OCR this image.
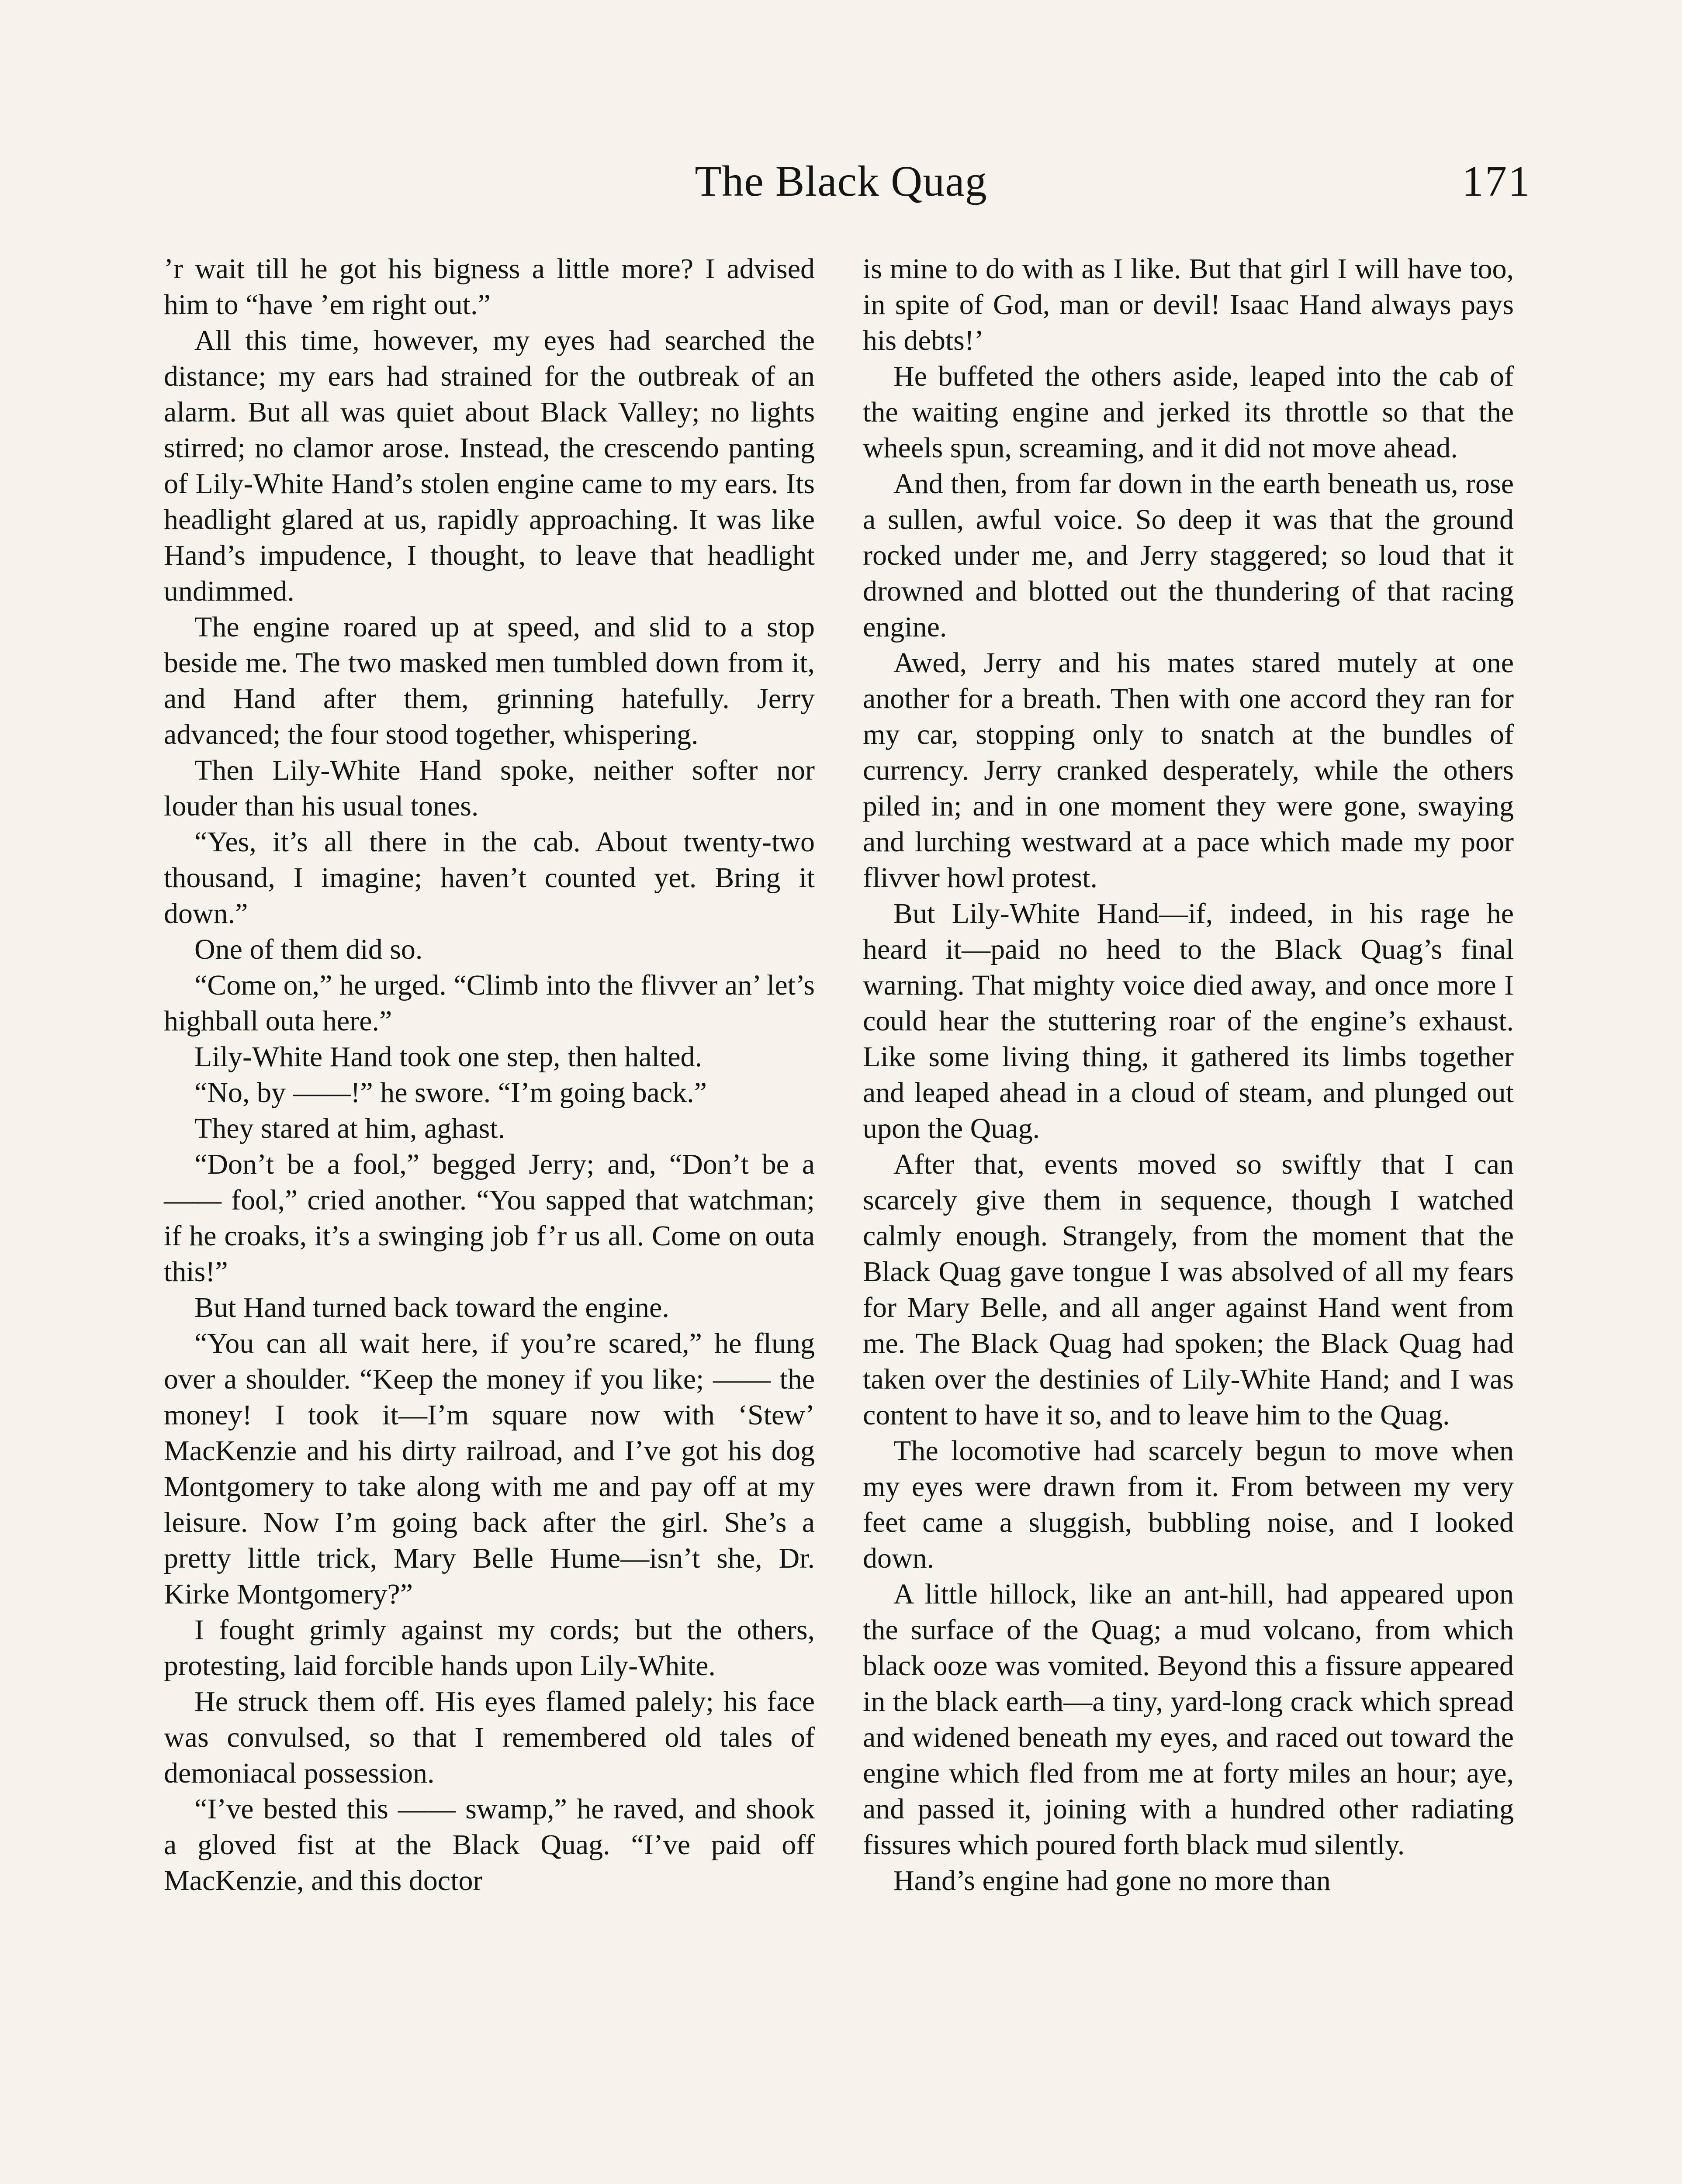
The Black Quag	171

’r wait till he got his bigness a little more? I advised him to “have ’em right out.”

All this time, however, my eyes had searched the distance; my ears had strained for the outbreak of an alarm. But all was quiet about Black Valley; no lights stirred; no clamor arose. Instead, the crescendo panting of Lily-White Hand’s stolen engine came to my ears. Its headlight glared at us, rapidly approaching. It was like Hand’s impudence, I thought, to leave that headlight undimmed.

The engine roared up at speed, and slid to a stop beside me. The two masked men tumbled down from it, and Hand after them, grinning hatefully. Jerry advanced; the four stood together, whispering.

Then Lily-White Hand spoke, neither softer nor louder than his usual tones.

“Yes, it’s all there in the cab. About twenty-two thousand, I imagine; haven’t counted yet. Bring it down.”

One of them did so.

“Come on,” he urged. “Climb into the flivver an’ let’s highball outa here.”

Lily-White Hand took one step, then halted.

“No, by ——!” he swore. “I’m going back.”

They stared at him, aghast.

“Don’t be a fool,” begged Jerry; and, “Don’t be a —— fool,” cried another. “You sapped that watchman; if he croaks, it’s a swinging job f’r us all. Come on outa this!”

But Hand turned back toward the engine.

“You can all wait here, if you’re scared,” he flung over a shoulder. “Keep the money if you like; —— the money! I took it—I’m square now with ‘Stew’ MacKenzie and his dirty railroad, and I’ve got his dog Montgomery to take along with me and pay off at my leisure. Now I’m going back after the girl. She’s a pretty little trick, Mary Belle Hume—isn’t she, Dr. Kirke Montgomery?”

I fought grimly against my cords; but the others, protesting, laid forcible hands upon Lily-White.

He struck them off. His eyes flamed palely; his face was convulsed, so that I remembered old tales of demoniacal possession.

“I’ve bested this —— swamp,” he raved, and shook a gloved fist at the Black Quag. “I’ve paid off MacKenzie, and this doctor

is mine to do with as I like. But that girl I will have too, in spite of God, man or devil! Isaac Hand always pays his debts!’

He buffeted the others aside, leaped into the cab of the waiting engine and jerked its throttle so that the wheels spun, screaming, and it did not move ahead.

And then, from far down in the earth beneath us, rose a sullen, awful voice. So deep it was that the ground rocked under me, and Jerry staggered; so loud that it drowned and blotted out the thundering of that racing engine.

Awed, Jerry and his mates stared mutely at one another for a breath. Then with one accord they ran for my car, stopping only to snatch at the bundles of currency. Jerry cranked desperately, while the others piled in; and in one moment they were gone, swaying and lurching westward at a pace which made my poor flivver howl protest.

But Lily-White Hand—if, indeed, in his rage he heard it—paid no heed to the Black Quag’s final warning. That mighty voice died away, and once more I could hear the stuttering roar of the engine’s exhaust. Like some living thing, it gathered its limbs together and leaped ahead in a cloud of steam, and plunged out upon the Quag.

After that, events moved so swiftly that I can scarcely give them in sequence, though I watched calmly enough. Strangely, from the moment that the Black Quag gave tongue I was absolved of all my fears for Mary Belle, and all anger against Hand went from me. The Black Quag had spoken; the Black Quag had taken over the destinies of Lily-White Hand; and I was content to have it so, and to leave him to the Quag.

The locomotive had scarcely begun to move when my eyes were drawn from it. From between my very feet came a sluggish, bubbling noise, and I looked down.

A little hillock, like an ant-hill, had appeared upon the surface of the Quag; a mud volcano, from which black ooze was vomited. Beyond this a fissure appeared in the black earth—a tiny, yard-long crack which spread and widened beneath my eyes, and raced out toward the engine which fled from me at forty miles an hour; aye, and passed it, joining with a hundred other radiating fissures which poured forth black mud silently.

Hand’s engine had gone no more than
